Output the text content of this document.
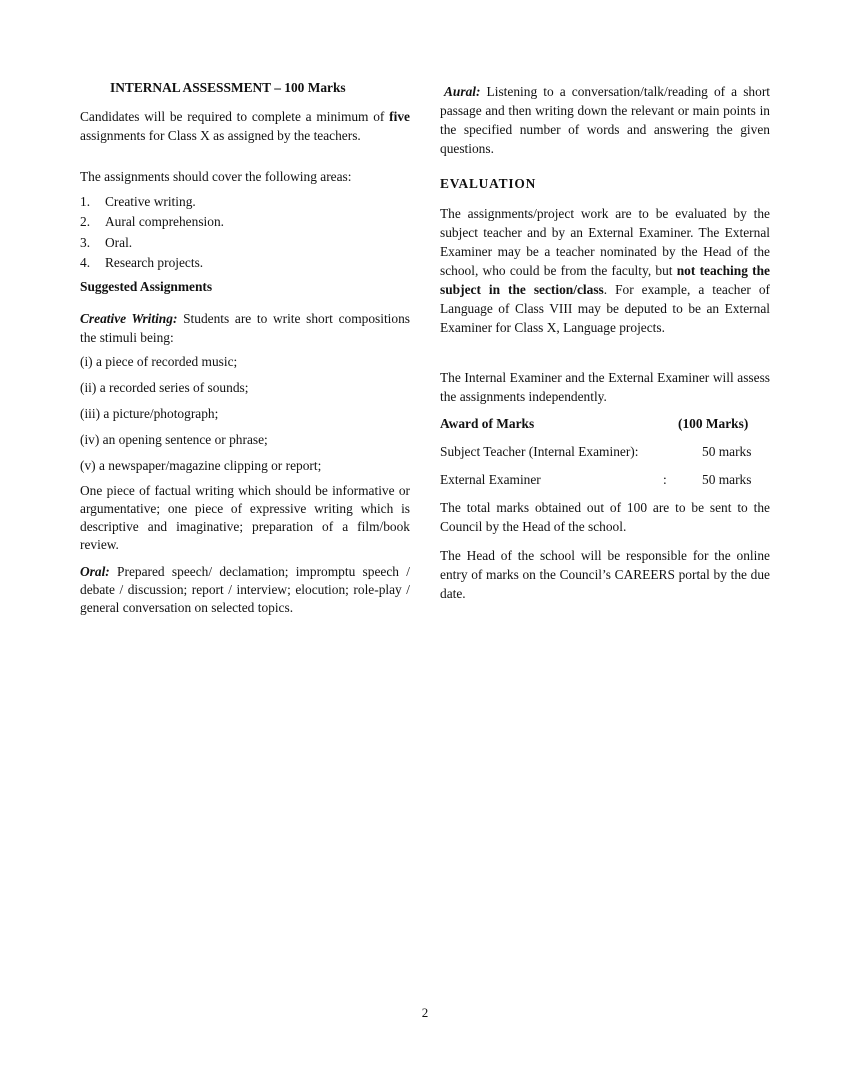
INTERNAL ASSESSMENT – 100 Marks

Candidates will be required to complete a minimum of five assignments for Class X as assigned by the teachers.

The assignments should cover the following areas:

1. Creative writing.
2. Aural comprehension.
3. Oral.
4. Research projects.
Suggested Assignments

Creative Writing: Students are to write short compositions the stimuli being:

(i) a piece of recorded music;
(ii) a recorded series of sounds;
(iii) a picture/photograph;
(iv) an opening sentence or phrase;
(v) a newspaper/magazine clipping or report;

One piece of factual writing which should be informative or argumentative; one piece of expressive writing which is descriptive and imaginative; preparation of a film/book review.

Oral: Prepared speech/ declamation; impromptu speech / debate / discussion; report / interview; elocution; role-play / general conversation on selected topics.

Aural: Listening to a conversation/talk/reading of a short passage and then writing down the relevant or main points in the specified number of words and answering the given questions.

EVALUATION

The assignments/project work are to be evaluated by the subject teacher and by an External Examiner. The External Examiner may be a teacher nominated by the Head of the school, who could be from the faculty, but not teaching the subject in the section/class. For example, a teacher of Language of Class VIII may be deputed to be an External Examiner for Class X, Language projects.

The Internal Examiner and the External Examiner will assess the assignments independently.

Award of Marks	(100 Marks)
Subject Teacher (Internal Examiner):	50 marks
External Examiner	:	50 marks

The total marks obtained out of 100 are to be sent to the Council by the Head of the school.

The Head of the school will be responsible for the online entry of marks on the Council’s CAREERS portal by the due date.

2
